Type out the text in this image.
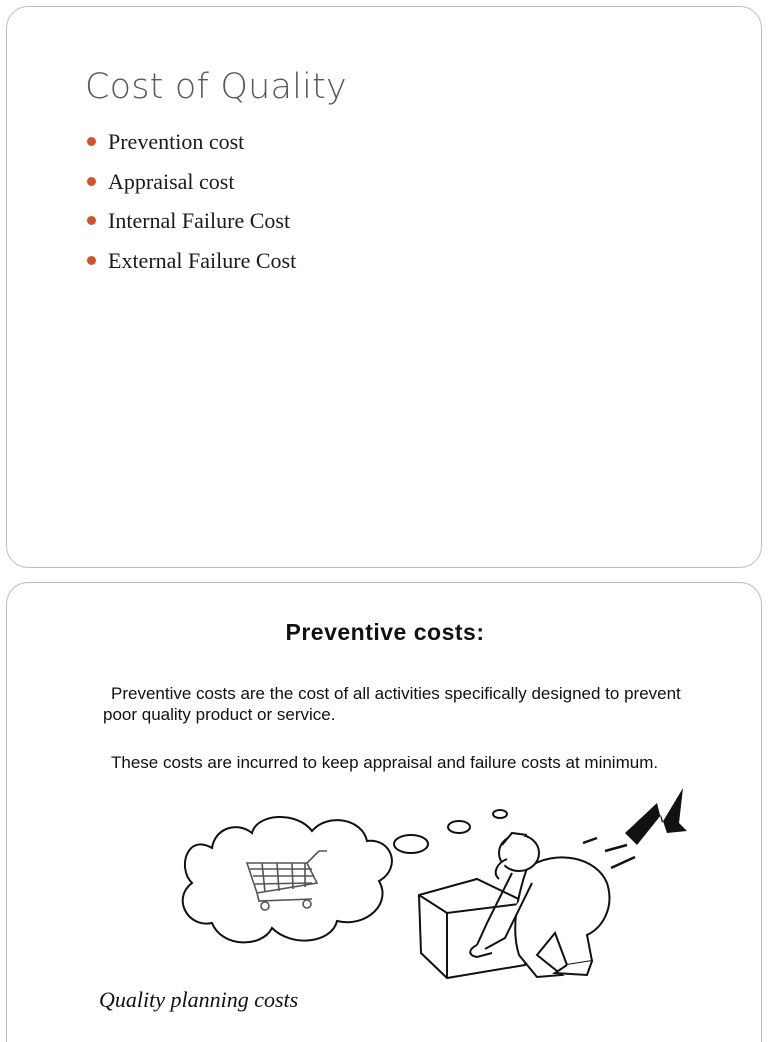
Cost of Quality
Prevention cost
Appraisal cost
Internal Failure Cost
External Failure Cost
Preventive costs:
Preventive costs are the cost of all activities specifically designed to prevent poor quality product or service.
These costs are incurred to keep appraisal and failure costs at minimum.
Quality planning costs
